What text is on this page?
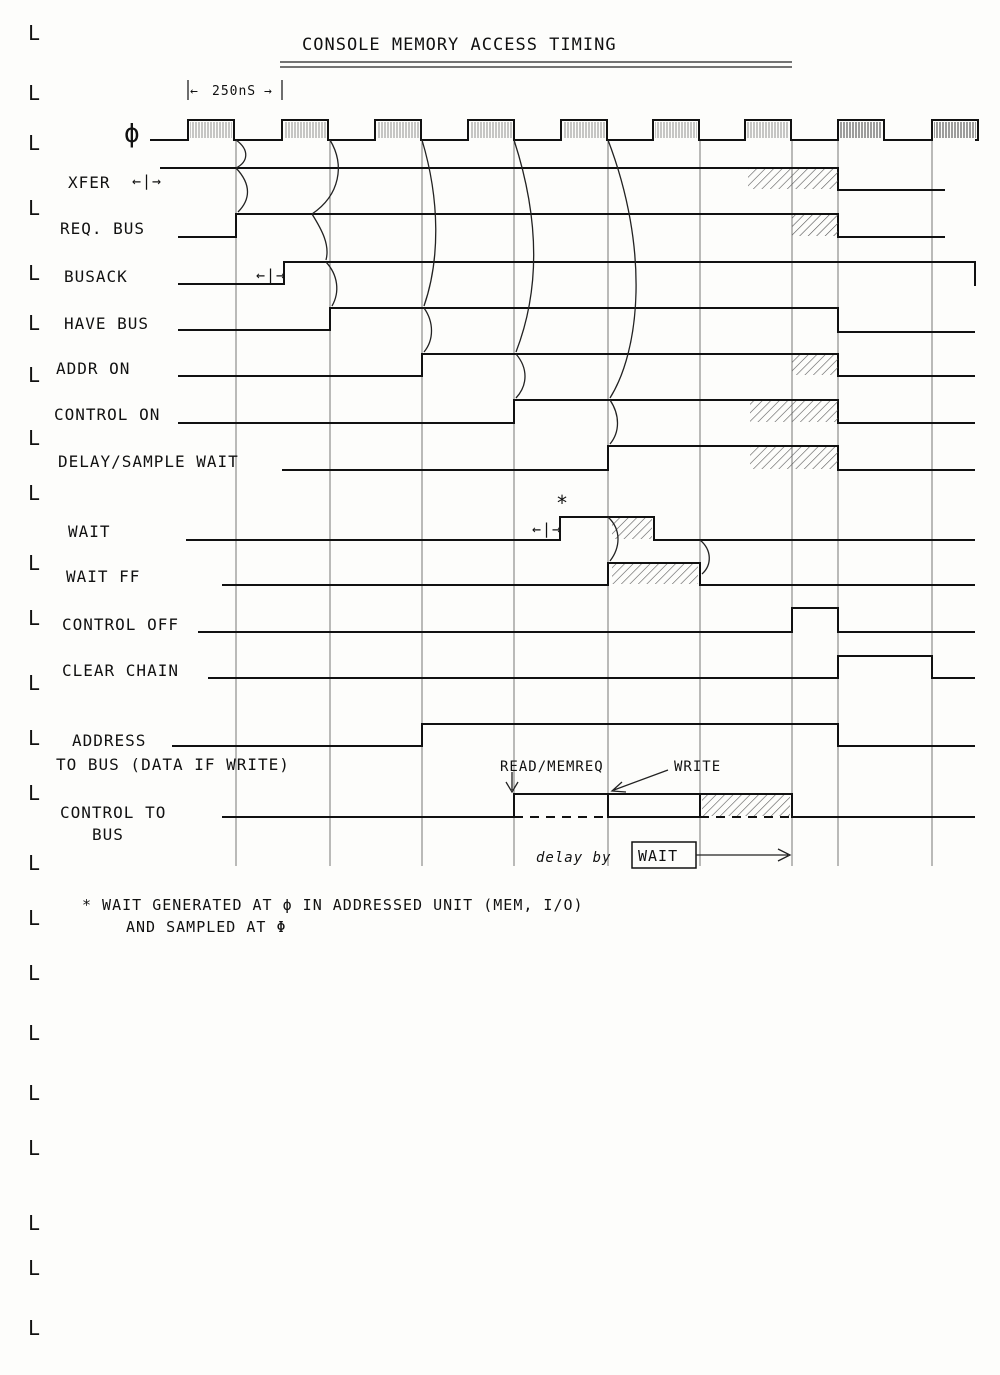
CONSOLE MEMORY ACCESS TIMING
250nS
←	→
ϕ
L
L
L
L
L
L
L
L
L
L
L
L
L
L
L
L
L
L
L
L
L
L
L
XFER
REQ. BUS
BUSACK
HAVE BUS
ADDR ON
CONTROL ON
DELAY/SAMPLE WAIT
WAIT
WAIT FF
CONTROL OFF
CLEAR CHAIN
ADDRESS
TO BUS (DATA IF WRITE)
CONTROL TO
BUS
←|→
←|→
←|→
*
READ/MEMREQ	WRITE
delay by WAIT
* WAIT GENERATED AT ϕ IN ADDRESSED UNIT (MEM, I/O)
AND SAMPLED AT Φ
